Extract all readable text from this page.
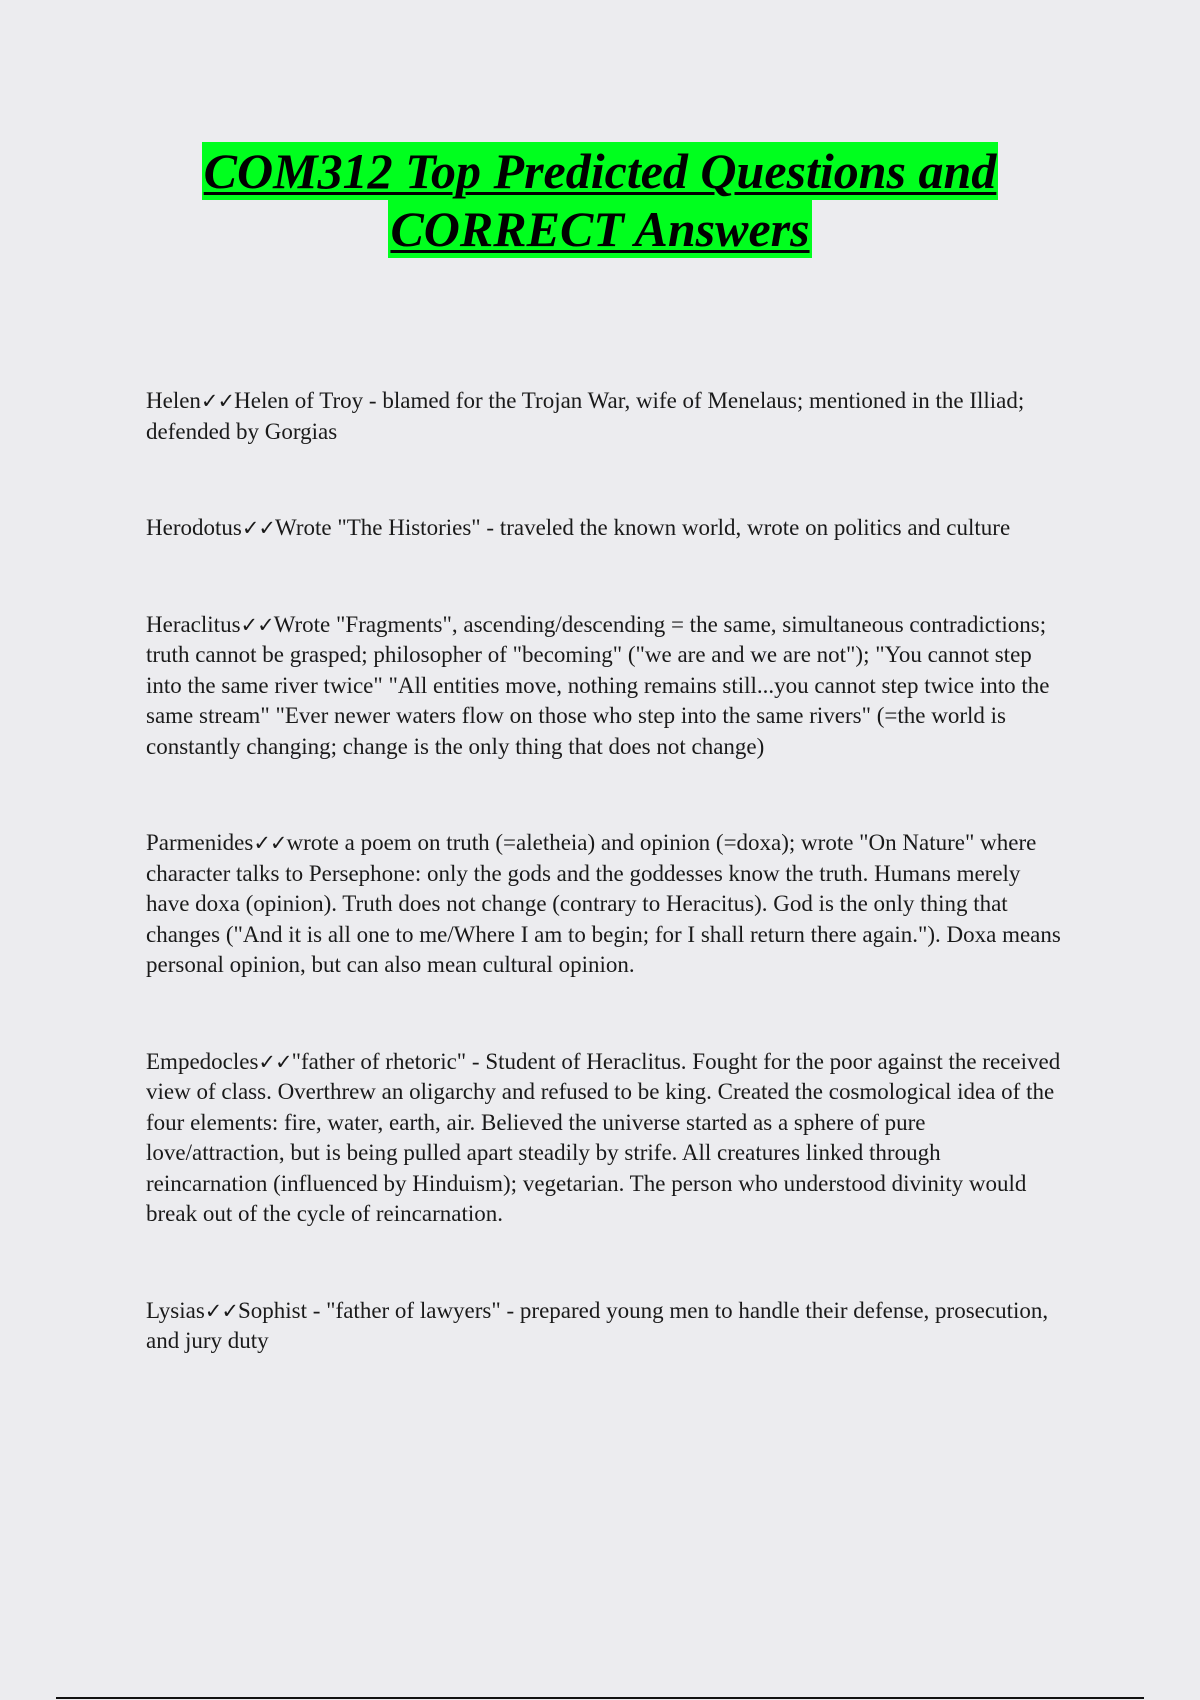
COM312 Top Predicted Questions and
CORRECT Answers

Helen✓✓Helen of Troy - blamed for the Trojan War, wife of Menelaus; mentioned in the Illiad; defended by Gorgias

Herodotus✓✓Wrote "The Histories" - traveled the known world, wrote on politics and culture

Heraclitus✓✓Wrote "Fragments", ascending/descending = the same, simultaneous contradictions; truth cannot be grasped; philosopher of "becoming" ("we are and we are not"); "You cannot step into the same river twice" "All entities move, nothing remains still...you cannot step twice into the same stream" "Ever newer waters flow on those who step into the same rivers" (=the world is constantly changing; change is the only thing that does not change)

Parmenides✓✓wrote a poem on truth (=aletheia) and opinion (=doxa); wrote "On Nature" where character talks to Persephone: only the gods and the goddesses know the truth. Humans merely have doxa (opinion). Truth does not change (contrary to Heracitus). God is the only thing that changes ("And it is all one to me/Where I am to begin; for I shall return there again."). Doxa means personal opinion, but can also mean cultural opinion.

Empedocles✓✓"father of rhetoric" - Student of Heraclitus. Fought for the poor against the received view of class. Overthrew an oligarchy and refused to be king. Created the cosmological idea of the four elements: fire, water, earth, air. Believed the universe started as a sphere of pure love/attraction, but is being pulled apart steadily by strife. All creatures linked through reincarnation (influenced by Hinduism); vegetarian. The person who understood divinity would break out of the cycle of reincarnation.

Lysias✓✓Sophist - "father of lawyers" - prepared young men to handle their defense, prosecution, and jury duty
